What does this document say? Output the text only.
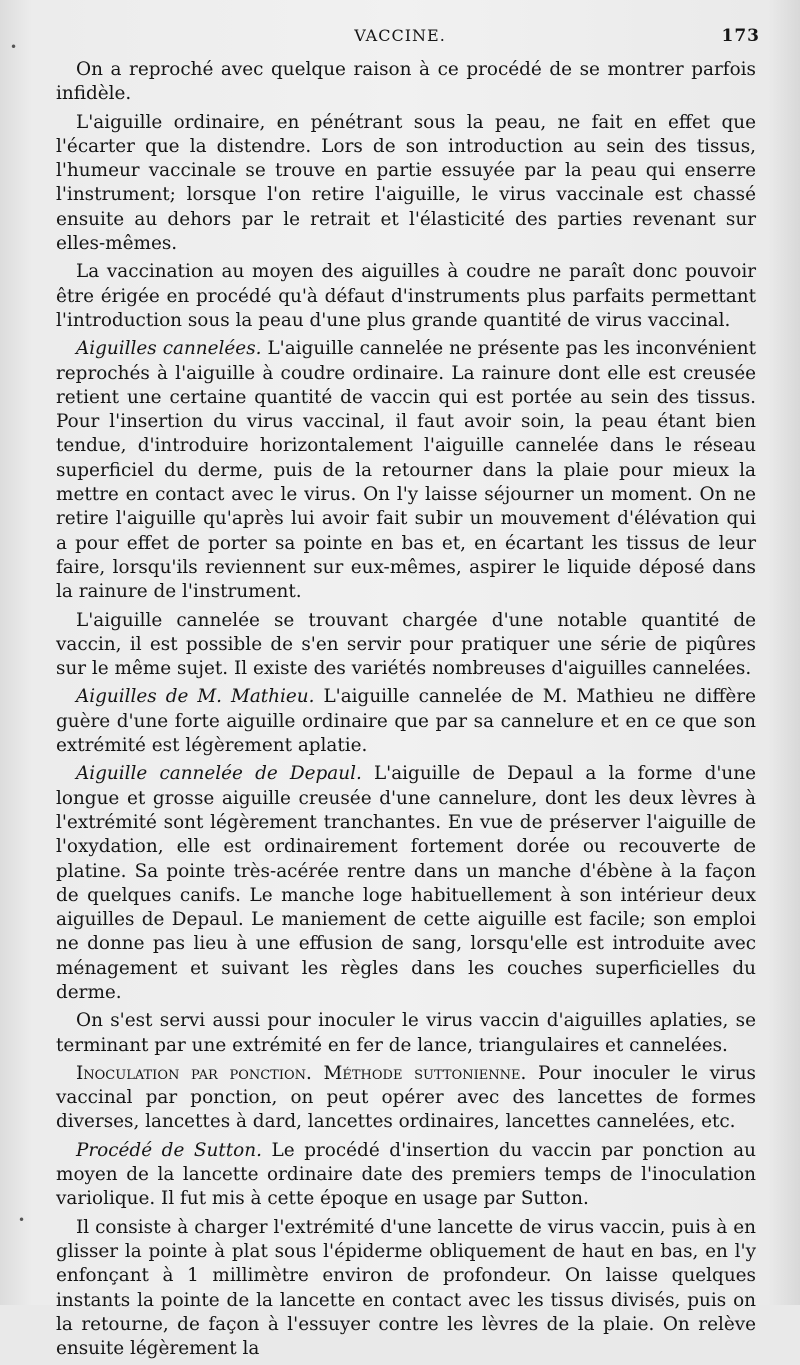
VACCINE.	173
•
•

On a reproché avec quelque raison à ce procédé de se montrer parfois infidèle.

L'aiguille ordinaire, en pénétrant sous la peau, ne fait en effet que l'écarter que la distendre. Lors de son introduction au sein des tissus, l'humeur vaccinale se trouve en partie essuyée par la peau qui enserre l'instrument; lorsque l'on retire l'aiguille, le virus vaccinale est chassé ensuite au dehors par le retrait et l'élasticité des parties revenant sur elles-mêmes.

La vaccination au moyen des aiguilles à coudre ne paraît donc pouvoir être érigée en procédé qu'à défaut d'instruments plus parfaits permettant l'introduction sous la peau d'une plus grande quantité de virus vaccinal.

Aiguilles cannelées. L'aiguille cannelée ne présente pas les inconvénient reprochés à l'aiguille à coudre ordinaire. La rainure dont elle est creusée retient une certaine quantité de vaccin qui est portée au sein des tissus. Pour l'insertion du virus vaccinal, il faut avoir soin, la peau étant bien tendue, d'introduire horizontalement l'aiguille cannelée dans le réseau superficiel du derme, puis de la retourner dans la plaie pour mieux la mettre en contact avec le virus. On l'y laisse séjourner un moment. On ne retire l'aiguille qu'après lui avoir fait subir un mouvement d'élévation qui a pour effet de porter sa pointe en bas et, en écartant les tissus de leur faire, lorsqu'ils reviennent sur eux-mêmes, aspirer le liquide déposé dans la rainure de l'instrument.

L'aiguille cannelée se trouvant chargée d'une notable quantité de vaccin, il est possible de s'en servir pour pratiquer une série de piqûres sur le même sujet. Il existe des variétés nombreuses d'aiguilles cannelées.

Aiguilles de M. Mathieu. L'aiguille cannelée de M. Mathieu ne diffère guère d'une forte aiguille ordinaire que par sa cannelure et en ce que son extrémité est légèrement aplatie.

Aiguille cannelée de Depaul. L'aiguille de Depaul a la forme d'une longue et grosse aiguille creusée d'une cannelure, dont les deux lèvres à l'extrémité sont légèrement tranchantes. En vue de préserver l'aiguille de l'oxydation, elle est ordinairement fortement dorée ou recouverte de platine. Sa pointe très-acérée rentre dans un manche d'ébène à la façon de quelques canifs. Le manche loge habituellement à son intérieur deux aiguilles de Depaul. Le maniement de cette aiguille est facile; son emploi ne donne pas lieu à une effusion de sang, lorsqu'elle est introduite avec ménagement et suivant les règles dans les couches superficielles du derme.

On s'est servi aussi pour inoculer le virus vaccin d'aiguilles aplaties, se terminant par une extrémité en fer de lance, triangulaires et cannelées.

Inoculation par ponction. Méthode suttonienne. Pour inoculer le virus vaccinal par ponction, on peut opérer avec des lancettes de formes diverses, lancettes à dard, lancettes ordinaires, lancettes cannelées, etc.

Procédé de Sutton. Le procédé d'insertion du vaccin par ponction au moyen de la lancette ordinaire date des premiers temps de l'inoculation variolique. Il fut mis à cette époque en usage par Sutton.

Il consiste à charger l'extrémité d'une lancette de virus vaccin, puis à en glisser la pointe à plat sous l'épiderme obliquement de haut en bas, en l'y enfonçant à 1 millimètre environ de profondeur. On laisse quelques instants la pointe de la lancette en contact avec les tissus divisés, puis on la retourne, de façon à l'essuyer contre les lèvres de la plaie. On relève ensuite légèrement la
